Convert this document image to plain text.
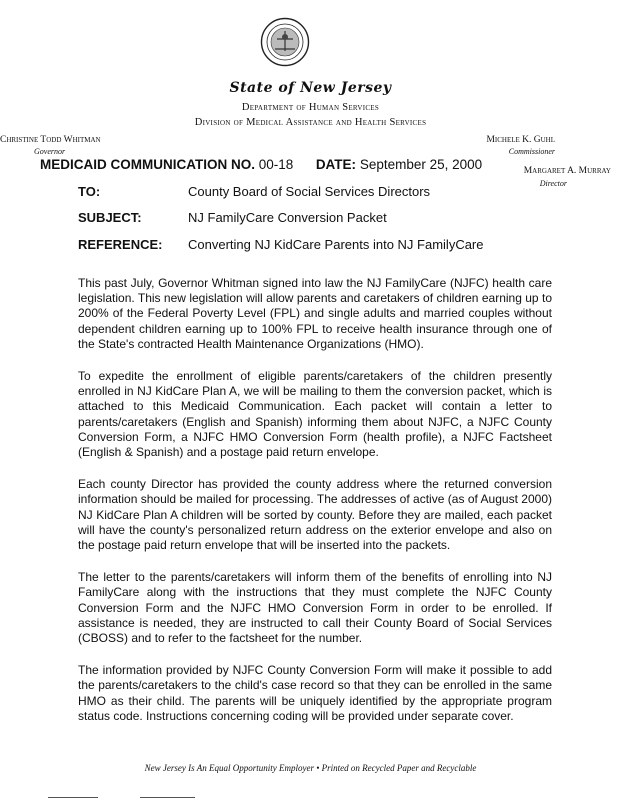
State of New Jersey
Department of Human Services
Division of Medical Assistance and Health Services
Christine Todd Whitman
Governor
Michele K. Guhl
Commissioner
MEDICAID COMMUNICATION NO. 00-18 DATE: September 25, 2000	Margaret A. Murray
Director
TO:	County Board of Social Services Directors
SUBJECT:	NJ FamilyCare Conversion Packet
REFERENCE: Converting NJ KidCare Parents into NJ FamilyCare

This past July, Governor Whitman signed into law the NJ FamilyCare (NJFC) health care legislation. This new legislation will allow parents and caretakers of children earning up to 200% of the Federal Poverty Level (FPL) and single adults and married couples without dependent children earning up to 100% FPL to receive health insurance through one of the State's contracted Health Maintenance Organizations (HMO).

To expedite the enrollment of eligible parents/caretakers of the children presently enrolled in NJ KidCare Plan A, we will be mailing to them the conversion packet, which is attached to this Medicaid Communication. Each packet will contain a letter to parents/caretakers (English and Spanish) informing them about NJFC, a NJFC County Conversion Form, a NJFC HMO Conversion Form (health profile), a NJFC Factsheet (English & Spanish) and a postage paid return envelope.

Each county Director has provided the county address where the returned conversion information should be mailed for processing. The addresses of active (as of August 2000) NJ KidCare Plan A children will be sorted by county. Before they are mailed, each packet will have the county's personalized return address on the exterior envelope and also on the postage paid return envelope that will be inserted into the packets.

The letter to the parents/caretakers will inform them of the benefits of enrolling into NJ FamilyCare along with the instructions that they must complete the NJFC County Conversion Form and the NJFC HMO Conversion Form in order to be enrolled. If assistance is needed, they are instructed to call their County Board of Social Services (CBOSS) and to refer to the factsheet for the number.

The information provided by NJFC County Conversion Form will make it possible to add the parents/caretakers to the child's case record so that they can be enrolled in the same HMO as their child. The parents will be uniquely identified by the appropriate program status code. Instructions concerning coding will be provided under separate cover.

New Jersey Is An Equal Opportunity Employer • Printed on Recycled Paper and Recyclable
